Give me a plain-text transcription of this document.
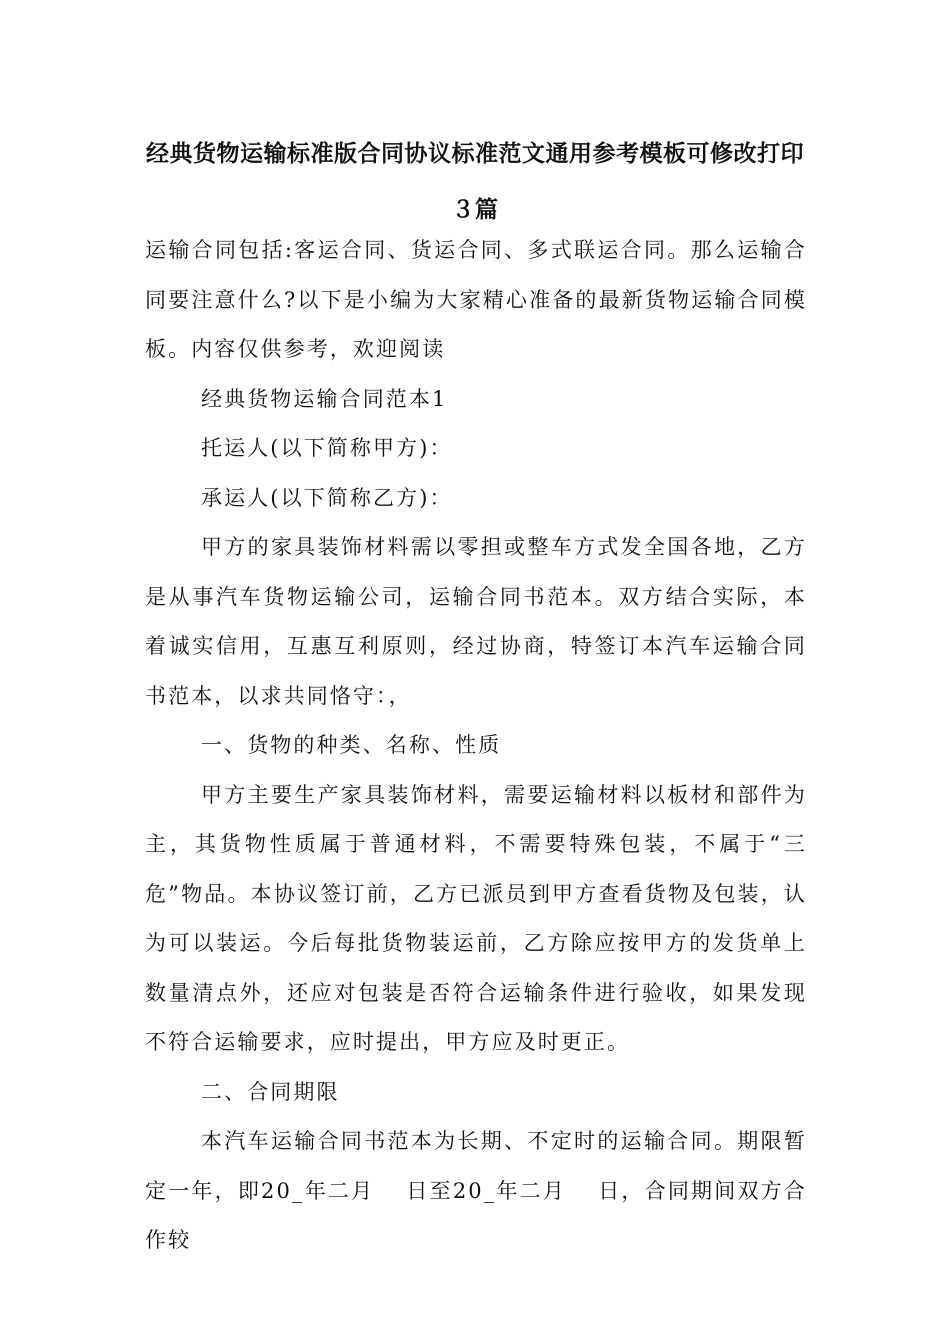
经典货物运输标准版合同协议标准范文通用参考模板可修改打印３篇

运输合同包括:客运合同、货运合同、多式联运合同。那么运输合同要注意什么?以下是小编为大家精心准备的最新货物运输合同模板。内容仅供参考，欢迎阅读

经典货物运输合同范本1

托运人(以下简称甲方)：

承运人(以下简称乙方)：

甲方的家具装饰材料需以零担或整车方式发全国各地，乙方是从事汽车货物运输公司，运输合同书范本。双方结合实际，本着诚实信用，互惠互利原则，经过协商，特签订本汽车运输合同书范本，以求共同恪守：，

一、货物的种类、名称、性质

甲方主要生产家具装饰材料，需要运输材料以板材和部件为主，其货物性质属于普通材料，不需要特殊包装，不属于“三危”物品。本协议签订前，乙方已派员到甲方查看货物及包装，认为可以装运。今后每批货物装运前，乙方除应按甲方的发货单上数量清点外，还应对包装是否符合运输条件进行验收，如果发现不符合运输要求，应时提出，甲方应及时更正。

二、合同期限

本汽车运输合同书范本为长期、不定时的运输合同。期限暂定一年，即20_年二月　 日至20_年二月　 日，合同期间双方合作较
